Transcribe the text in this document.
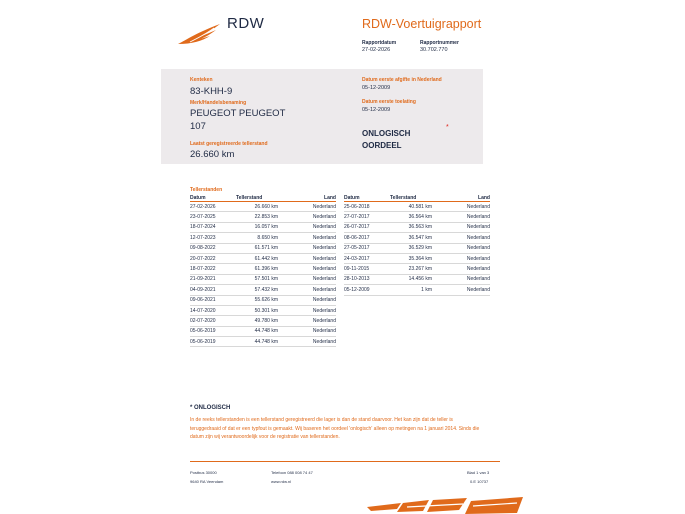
RDW	RDW-Voertuigrapport
Rapportdatum
27-02-2026
Rapportnummer
30.702.770
Kenteken
83-KHH-9
Merk/Handelsbenaming
PEUGEOT PEUGEOT
107
Laatst geregistreerde tellerstand
26.660 km
Datum eerste afgifte in Nederland
05-12-2009
Datum eerste toelating
05-12-2009
ONLOGISCH OORDEEL
*
Tellerstanden
Datum	Tellerstand	Land
27-02-2026	26.660 km	Nederland
23-07-2025	22.853 km	Nederland
18-07-2024	16.057 km	Nederland
12-07-2023	8.650 km	Nederland
09-08-2022	61.571 km	Nederland
20-07-2022	61.442 km	Nederland
18-07-2022	61.396 km	Nederland
21-09-2021	57.501 km	Nederland
04-09-2021	57.432 km	Nederland
09-06-2021	55.626 km	Nederland
14-07-2020	50.301 km	Nederland
02-07-2020	49.780 km	Nederland
05-06-2019	44.748 km	Nederland
05-06-2019	44.748 km	Nederland
Datum	Tellerstand	Land
25-06-2018	40.581 km	Nederland
27-07-2017	36.564 km	Nederland
26-07-2017	36.563 km	Nederland
08-06-2017	36.547 km	Nederland
27-05-2017	36.529 km	Nederland
24-03-2017	35.364 km	Nederland
09-11-2015	23.267 km	Nederland
28-10-2013	14.456 km	Nederland
05-12-2009	1 km	Nederland
* ONLOGISCH
In de reeks tellerstanden is een tellerstand geregistreerd die lager is dan de stand daarvoor. Het kan zijn dat de teller is teruggedraaid of dat er een typfout is gemaakt. Wij baseren het oordeel 'onlogisch' alleen op metingen na 1 januari 2014. Sinds die datum zijn wij verantwoordelijk voor de registratie van tellerstanden.
Postbus 30000
9640 RA Veendam
Telefoon 088 008 74 47
www.rdw.nl
Blad 1 van 3
0.E 10737
